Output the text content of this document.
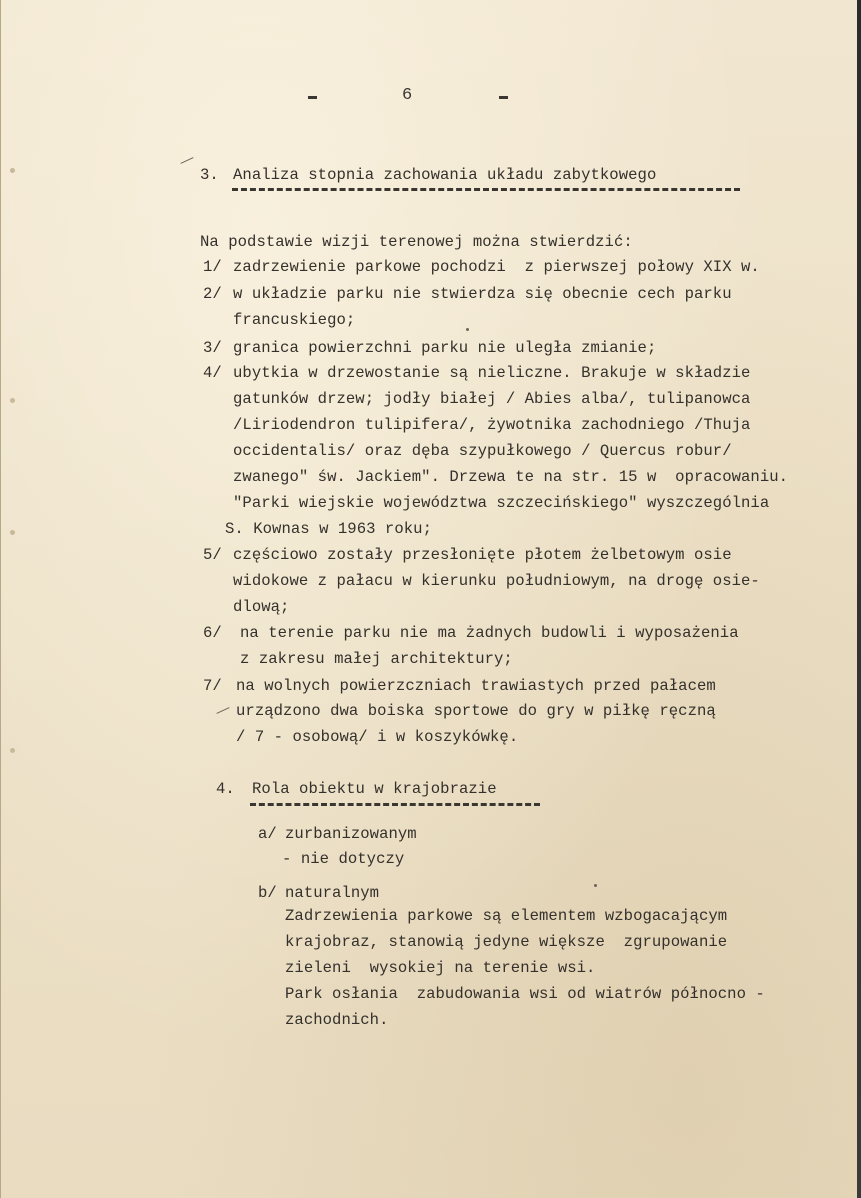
6
3. Analiza stopnia zachowania układu zabytkowego
Na podstawie wizji terenowej można stwierdzić:
1/ zadrzewienie parkowe pochodzi  z pierwszej połowy XIX w.
2/ w układzie parku nie stwierdza się obecnie cech parku
francuskiego;
3/ granica powierzchni parku nie uległa zmianie;
4/ ubytkia w drzewostanie są nieliczne. Brakuje w składzie
gatunków drzew; jodły białej / Abies alba/, tulipanowca
/Liriodendron tulipifera/, żywotnika zachodniego /Thuja
occidentalis/ oraz dęba szypułkowego / Quercus robur/
zwanego" św. Jackiem". Drzewa te na str. 15 w  opracowaniu.
"Parki wiejskie województwa szczecińskiego" wyszczególnia
S. Kownas w 1963 roku;
5/ częściowo zostały przesłonięte płotem żelbetowym osie
widokowe z pałacu w kierunku południowym, na drogę osie-
dlową;
6/ na terenie parku nie ma żadnych budowli i wyposażenia
z zakresu małej architektury;
7/ na wolnych powierzczniach trawiastych przed pałacem
urządzono dwa boiska sportowe do gry w piłkę ręczną
/ 7 - osobową/ i w koszykówkę.
4. Rola obiektu w krajobrazie
a/ zurbanizowanym
- nie dotyczy
b/ naturalnym
Zadrzewienia parkowe są elementem wzbogacającym
krajobraz, stanowią jedyne większe  zgrupowanie
zieleni  wysokiej na terenie wsi.
Park osłania  zabudowania wsi od wiatrów północno -
zachodnich.
